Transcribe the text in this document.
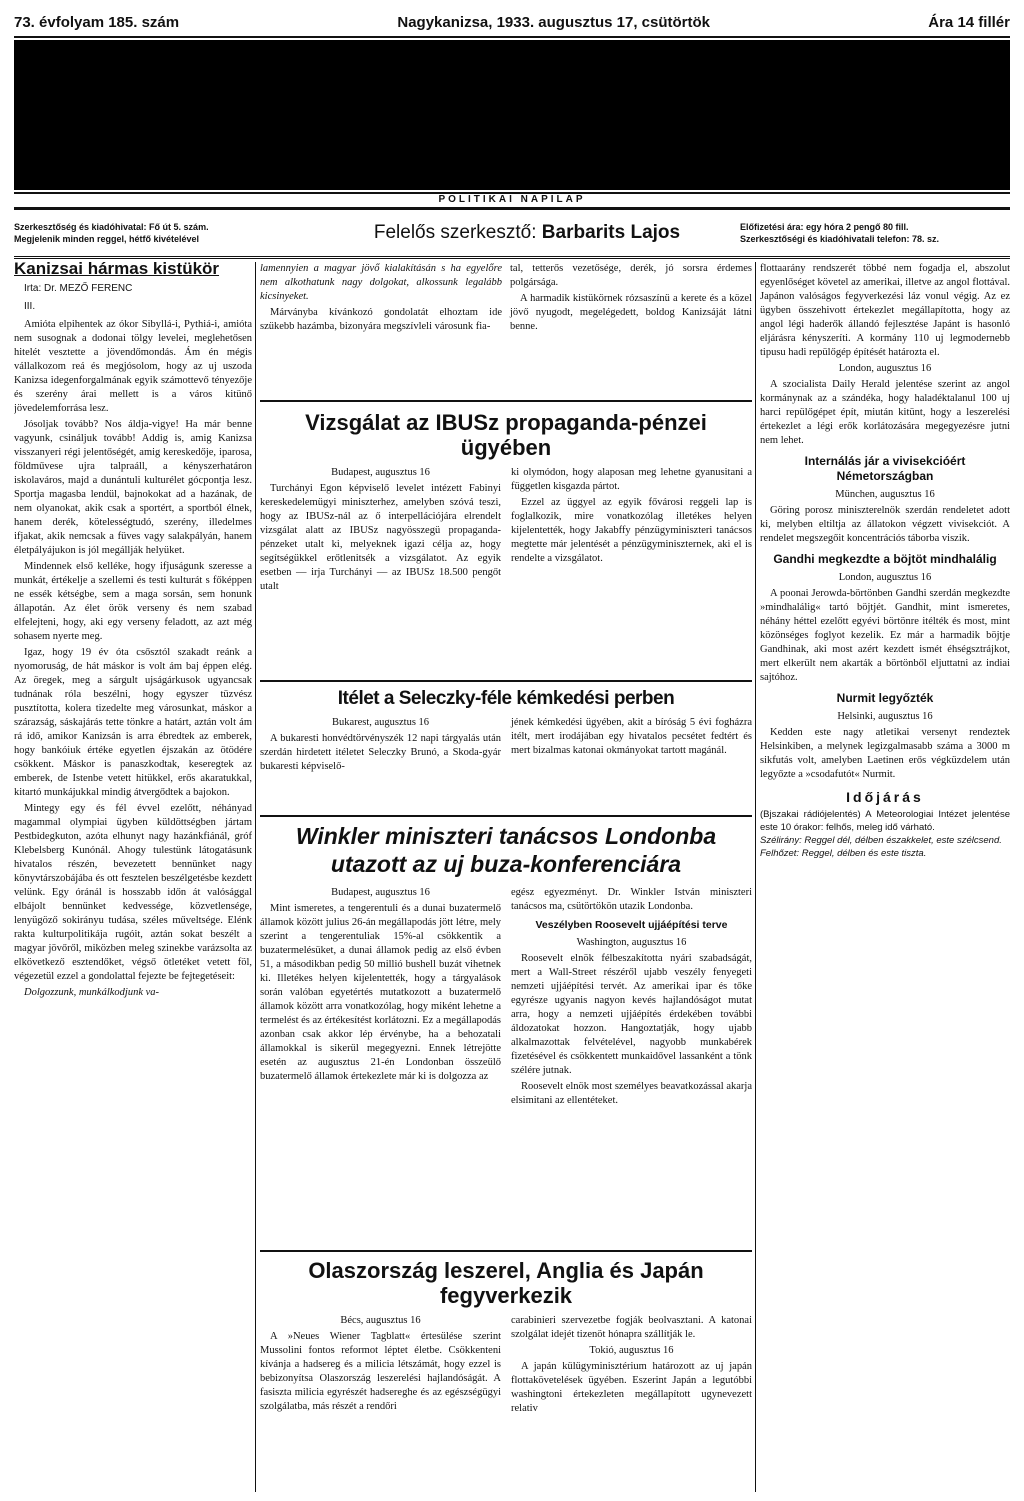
73. évfolyam 185. szám	Nagykanizsa, 1933. augusztus 17, csütörtök	Ára 14 fillér
POLITIKAI NAPILAP
Szerkesztőség és kiadóhivatal: Fő út 5. szám.
Megjelenik minden reggel, hétfő kivételével	Felelős szerkesztő: Barbarits Lajos	Előfizetési ára: egy hóra 2 pengő 80 fill.
Szerkesztőségi és kiadóhivatali telefon: 78. sz.
Kanizsai hármas kistükör
Irta: Dr. MEZŐ FERENC
III.

Amióta elpihentek az ókor Sibyllá-i, Pythiá-i, amióta nem susognak a dodonai tölgy levelei, meglehetősen hitelét vesztette a jövendőmondás. Ám én mégis vállalkozom reá és megjósolom, hogy az uj uszoda Kanizsa idegenforgalmának egyik számottevő tényezője és szerény árai mellett is a város kitünő jövedelemforrása lesz.

Jósoljak tovább? Nos áldja-vigye! Ha már benne vagyunk, csináljuk tovább! Addig is, amig Kanizsa visszanyeri régi jelentőségét, amig kereskedője, iparosa, földművese ujra talpraáll, a kényszerhatáron iskolaváros, majd a dunántuli kulturélet gócpontja lesz. Sportja magasba lendül, bajnokokat ad a hazának, de nem olyanokat, akik csak a sportért, a sportból élnek, hanem derék, kötelességtudó, szerény, illedelmes ifjakat, akik nemcsak a füves vagy salakpályán, hanem életpályájukon is jól megállják helyüket.

Mindennek első kelléke, hogy ifjuságunk szeresse a munkát, értékelje a szellemi és testi kulturát s főképpen ne essék kétségbe, sem a maga sorsán, sem honunk állapotán. Az élet örök verseny és nem szabad elfelejteni, hogy, aki egy verseny feladott, az azt még sohasem nyerte meg.

Igaz, hogy 19 év óta csősztól szakadt reánk a nyomoruság, de hát máskor is volt ám baj éppen elég. Az öregek, meg a sárgult ujságárkusok ugyancsak tudnának róla beszélni, hogy egyszer tüzvész pusztította, kolera tizedelte meg városunkat, máskor a szárazság, sáskajárás tette tönkre a határt, aztán volt ám rá idő, amikor Kanizsán is arra ébredtek az emberek, hogy bankóiuk értéke egyetlen éjszakán az ötödére csökkent. Máskor is panaszkodtak, keseregtek az emberek, de Istenbe vetett hitükkel, erős akaratukkal, kitartó munkájukkal mindig átvergődtek a bajokon.

Mintegy egy és fél évvel ezelőtt, néhányad magammal olympiai ügyben küldöttségben jártam Pestbidegkuton, azóta elhunyt nagy hazánkfiánál, gróf Klebelsberg Kunónál. Ahogy tulestünk látogatásunk hivatalos részén, bevezetett bennünket nagy könyvtárszobájába és ott fesztelen beszélgetésbe kezdett velünk. Egy óránál is hosszabb időn át valósággal elbájolt bennünket kedvessége, közvetlensége, lenyügöző sokirányu tudása, széles műveltsége. Elénk rakta kulturpolitikája rugóit, aztán sokat beszélt a magyar jövőről, miközben meleg szinekbe varázsolta az elkövetkező esztendőket, végső ötletéket vetett föl, végezetül ezzel a gondolattal fejezte be fejtegetéseit:

Dolgozzunk, munkálkodjunk va-

lamennyien a magyar jövő kialakításán s ha egyelőre nem alkothatunk nagy dolgokat, alkossunk legalább kicsinyeket.

Márványba kívánkozó gondolatát elhoztam ide szükebb hazámba, bizonyára megszívleli városunk fia-

tal, tetterős vezetősége, derék, jó sorsra érdemes polgársága.

A harmadik kistükörnek rózsaszínü a kerete és a közel jövő nyugodt, megelégedett, boldog Kanizsáját látni benne.

Vizsgálat az IBUSz propaganda-pénzei ügyében

Budapest, augusztus 16

Turchányi Egon képviselő levelet intézett Fabinyi kereskedelemügyi miniszterhez, amelyben szóvá teszi, hogy az IBUSz-nál az ő interpellációjára elrendelt vizsgálat alatt az IBUSz nagyösszegü propaganda-pénzeket utalt ki, melyeknek igazi célja az, hogy segítségükkel erőtlenitsék a vizsgálatot. Az egyik esetben — irja Turchányi — az IBUSz 18.500 pengőt utalt

ki olymódon, hogy alaposan meg lehetne gyanusitani a független kisgazda pártot.

Ezzel az üggyel az egyik fővárosi reggeli lap is foglalkozik, mire vonatkozólag illetékes helyen kijelentették, hogy Jakabffy pénzügyminiszteri tanácsos megtette már jelentését a pénzügyminiszternek, aki el is rendelte a vizsgálatot.

Itélet a Seleczky-féle kémkedési perben

Bukarest, augusztus 16

A bukaresti honvédtörvényszék 12 napi tárgyalás után szerdán hirdetett itéletet Seleczky Brunó, a Skoda-gyár bukaresti képviselő-

jének kémkedési ügyében, akit a bíróság 5 évi fogházra itélt, mert irodájában egy hivatalos pecsétet fedtért és mert bizalmas katonai okmányokat tartott magánál.

Winkler miniszteri tanácsos Londonba
utazott az uj buza-konferenciára

Budapest, augusztus 16

Mint ismeretes, a tengerentuli és a dunai buzatermelő államok között julius 26-án megállapodás jött létre, mely szerint a tengerentuliak 15%-al csökkentik a buzatermelésüket, a dunai államok pedig az első évben 51, a másodikban pedig 50 millió bushell buzát vihetnek ki. Illetékes helyen kijelentették, hogy a tárgyalások során valóban egyetértés mutatkozott a buzatermelő államok között arra vonatkozólag, hogy miként lehetne a termelést és az értékesítést korlátozni. Ez a megállapodás azonban csak akkor lép érvénybe, ha a behozatali államokkal is sikerül megegyezni. Ennek létrejötte esetén az augusztus 21-én Londonban összeülő buzatermelő államok értekezlete már ki is dolgozza az

egész egyezményt. Dr. Winkler István miniszteri tanácsos ma, csütörtökön utazik Londonba.

Veszélyben Roosevelt ujjáépítési terve

Washington, augusztus 16

Roosevelt elnök félbeszakította nyári szabadságát, mert a Wall-Street részéről ujabb veszély fenyegeti nemzeti ujjáépítési tervét. Az amerikai ipar és tőke egyrésze ugyanis nagyon kevés hajlandóságot mutat arra, hogy a nemzeti ujjáépítés érdekében további áldozatokat hozzon. Hangoztatják, hogy ujabb alkalmazottak felvételével, nagyobb munkabérek fizetésével és csökkentett munkaidővel lassanként a tönk szélére jutnak.

Roosevelt elnök most személyes beavatkozással akarja elsimitani az ellentéteket.

Olaszország leszerel, Anglia és Japán
fegyverkezik

Bécs, augusztus 16

A »Neues Wiener Tagblatt« értesülése szerint Mussolini fontos reformot léptet életbe. Csökkenteni kívánja a hadsereg és a milicia létszámát, hogy ezzel is bebizonyítsa Olaszország leszerelési hajlandóságát. A fasiszta milicia egyrészét hadsereghe és az egészségügyi szolgálatba, más részét a rendőri

carabinieri szervezetbe fogják beolvasztani. A katonai szolgálat idejét tizenöt hónapra szállítják le.

Tokió, augusztus 16

A japán külügyminisztérium határozott az uj japán flottakövetelések ügyében. Eszerint Japán a legutóbbi washingtoni értekezleten megállapított ugynevezett relativ

flottaarány rendszerét többé nem fogadja el, abszolut egyenlőséget követel az amerikai, illetve az angol flottával. Japánon valóságos fegyverkezési láz vonul végig. Az ez ügyben összehivott értekezlet megállapította, hogy az angol légi haderők állandó fejlesztése Japánt is hasonló eljárásra kényszeríti. A kormány 110 uj legmodernebb tipusu hadi repülőgép építését határozta el.

London, augusztus 16

A szocialista Daily Herald jelentése szerint az angol kormánynak az a szándéka, hogy haladéktalanul 100 uj harci repülőgépet épít, miután kitünt, hogy a leszerelési értekezlet a légi erők korlátozására megegyezésre jutni nem lehet.

Internálás jár a vivisekcióért Németországban

München, augusztus 16

Göring porosz miniszterelnök szerdán rendeletet adott ki, melyben eltiltja az állatokon végzett vivisekciót. A rendelet megszegőit koncentrációs táborba viszik.

Gandhi megkezdte a böjtöt mindhalálig

London, augusztus 16

A poonai Jerowda-börtönben Gandhi szerdán megkezdte »mindhalálig« tartó böjtjét. Gandhit, mint ismeretes, néhány héttel ezelőtt egyévi börtönre itélték és most, mint közönséges foglyot kezelik. Ez már a harmadik böjtje Gandhinak, aki most azért kezdett ismét éhségsztrájkot, mert elkerült nem akarták a börtönből eljuttatni az indiai sajtóhoz.

Nurmit legyőzték

Helsinki, augusztus 16

Kedden este nagy atletikai versenyt rendeztek Helsinkiben, a melynek legizgalmasabb száma a 3000 m sikfutás volt, amelyben Laetinen erős végküzdelem után legyőzte a »csodafutót« Nurmit.

Időjárás
(Bjszakai rádiójelentés) A Meteorologiai Intézet jelentése este 10 órakor: felhős, meleg idő várható.
Szélirány: Reggel dél, délben északkelet, este szélcsend.
Felhőzet: Reggel, délben és este tiszta.
